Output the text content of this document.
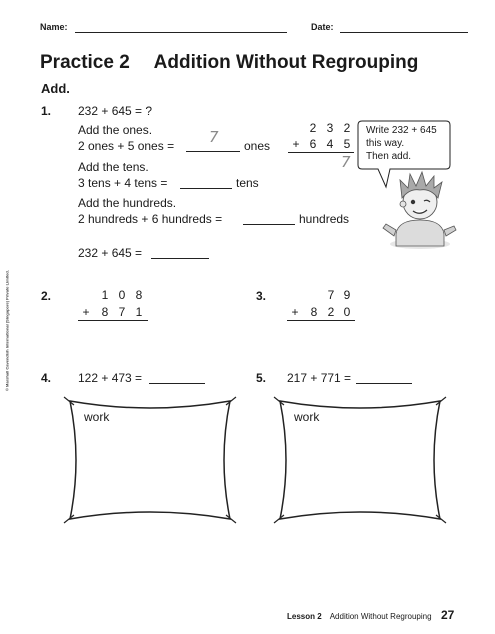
Name:	Date:
Practice 2 Addition Without Regrouping
Add.
1. 232 + 645 = ?
Add the ones.
2 ones + 5 ones = 7 ones
Add the tens.
3 tens + 4 tens =	tens
Add the hundreds.
2 hundreds + 6 hundreds =	hundreds
232 + 645 =
2 3 2
+ 6 4 5
7
Write 232 + 645
this way.
Then add.
© Marshall Cavendish International (Singapore) Private Limited.	2.	1 0 8
+ 8 7 1
3.	7 9
+ 8 2 0
4. 122 + 473 =
work
5. 217 + 771 =
work
Lesson 2 Addition Without Regrouping 27
